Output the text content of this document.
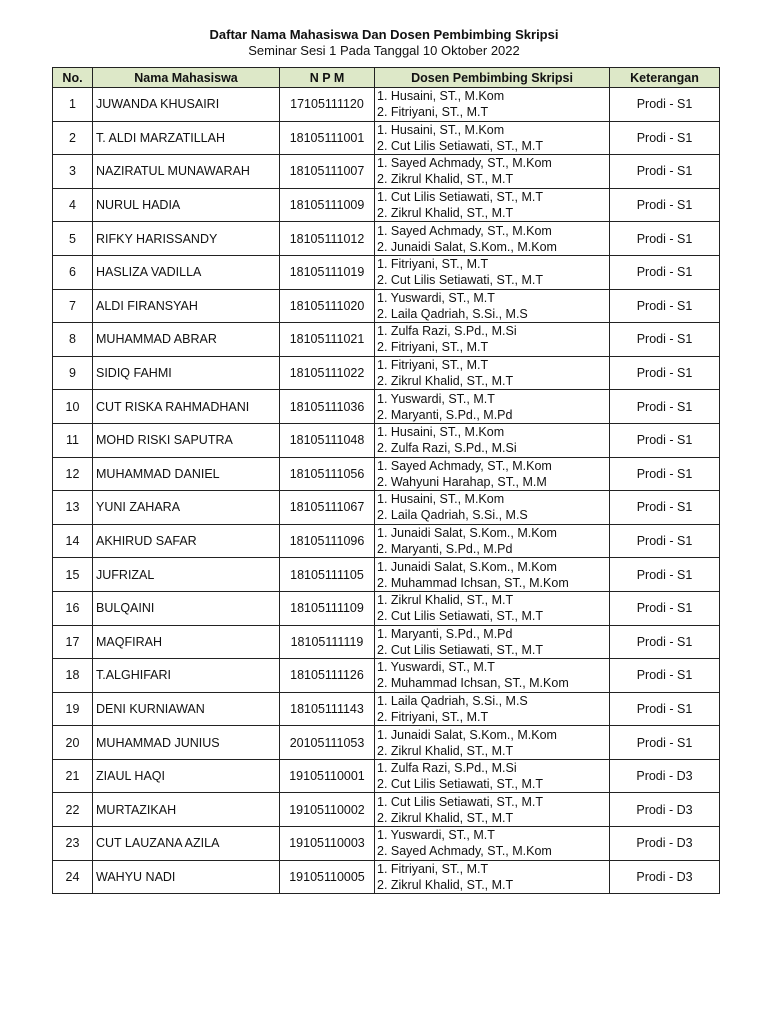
Daftar Nama Mahasiswa Dan Dosen Pembimbing Skripsi
Seminar Sesi 1 Pada Tanggal 10 Oktober 2022
No.	Nama Mahasiswa	N P M	Dosen Pembimbing Skripsi	Keterangan
1	JUWANDA KHUSAIRI	17105111120	1. Husaini, ST., M.Kom
2. Fitriyani, ST., M.T	Prodi - S1
2	T. ALDI MARZATILLAH	18105111001	1. Husaini, ST., M.Kom
2. Cut Lilis Setiawati, ST., M.T	Prodi - S1
3	NAZIRATUL MUNAWARAH	18105111007	1. Sayed Achmady, ST., M.Kom
2. Zikrul Khalid, ST., M.T	Prodi - S1
4	NURUL HADIA	18105111009	1. Cut Lilis Setiawati, ST., M.T
2. Zikrul Khalid, ST., M.T	Prodi - S1
5	RIFKY HARISSANDY	18105111012	1. Sayed Achmady, ST., M.Kom
2. Junaidi Salat, S.Kom., M.Kom	Prodi - S1
6	HASLIZA VADILLA	18105111019	1. Fitriyani, ST., M.T
2. Cut Lilis Setiawati, ST., M.T	Prodi - S1
7	ALDI FIRANSYAH	18105111020	1. Yuswardi, ST., M.T
2. Laila Qadriah, S.Si., M.S	Prodi - S1
8	MUHAMMAD ABRAR	18105111021	1. Zulfa Razi, S.Pd., M.Si
2. Fitriyani, ST., M.T	Prodi - S1
9	SIDIQ FAHMI	18105111022	1. Fitriyani, ST., M.T
2. Zikrul Khalid, ST., M.T	Prodi - S1
10	CUT RISKA RAHMADHANI	18105111036	1. Yuswardi, ST., M.T
2. Maryanti, S.Pd., M.Pd	Prodi - S1
11	MOHD RISKI SAPUTRA	18105111048	1. Husaini, ST., M.Kom
2. Zulfa Razi, S.Pd., M.Si	Prodi - S1
12	MUHAMMAD DANIEL	18105111056	1. Sayed Achmady, ST., M.Kom
2. Wahyuni Harahap, ST., M.M	Prodi - S1
13	YUNI ZAHARA	18105111067	1. Husaini, ST., M.Kom
2. Laila Qadriah, S.Si., M.S	Prodi - S1
14	AKHIRUD SAFAR	18105111096	1. Junaidi Salat, S.Kom., M.Kom
2. Maryanti, S.Pd., M.Pd	Prodi - S1
15	JUFRIZAL	18105111105	1. Junaidi Salat, S.Kom., M.Kom
2. Muhammad Ichsan, ST., M.Kom	Prodi - S1
16	BULQAINI	18105111109	1. Zikrul Khalid, ST., M.T
2. Cut Lilis Setiawati, ST., M.T	Prodi - S1
17	MAQFIRAH	18105111119	1. Maryanti, S.Pd., M.Pd
2. Cut Lilis Setiawati, ST., M.T	Prodi - S1
18	T.ALGHIFARI	18105111126	1. Yuswardi, ST., M.T
2. Muhammad Ichsan, ST., M.Kom	Prodi - S1
19	DENI KURNIAWAN	18105111143	1. Laila Qadriah, S.Si., M.S
2. Fitriyani, ST., M.T	Prodi - S1
20	MUHAMMAD JUNIUS	20105111053	1. Junaidi Salat, S.Kom., M.Kom
2. Zikrul Khalid, ST., M.T	Prodi - S1
21	ZIAUL HAQI	19105110001	1. Zulfa Razi, S.Pd., M.Si
2. Cut Lilis Setiawati, ST., M.T	Prodi - D3
22	MURTAZIKAH	19105110002	1. Cut Lilis Setiawati, ST., M.T
2. Zikrul Khalid, ST., M.T	Prodi - D3
23	CUT LAUZANA AZILA	19105110003	1. Yuswardi, ST., M.T
2. Sayed Achmady, ST., M.Kom	Prodi - D3
24	WAHYU NADI	19105110005	1. Fitriyani, ST., M.T
2. Zikrul Khalid, ST., M.T	Prodi - D3
